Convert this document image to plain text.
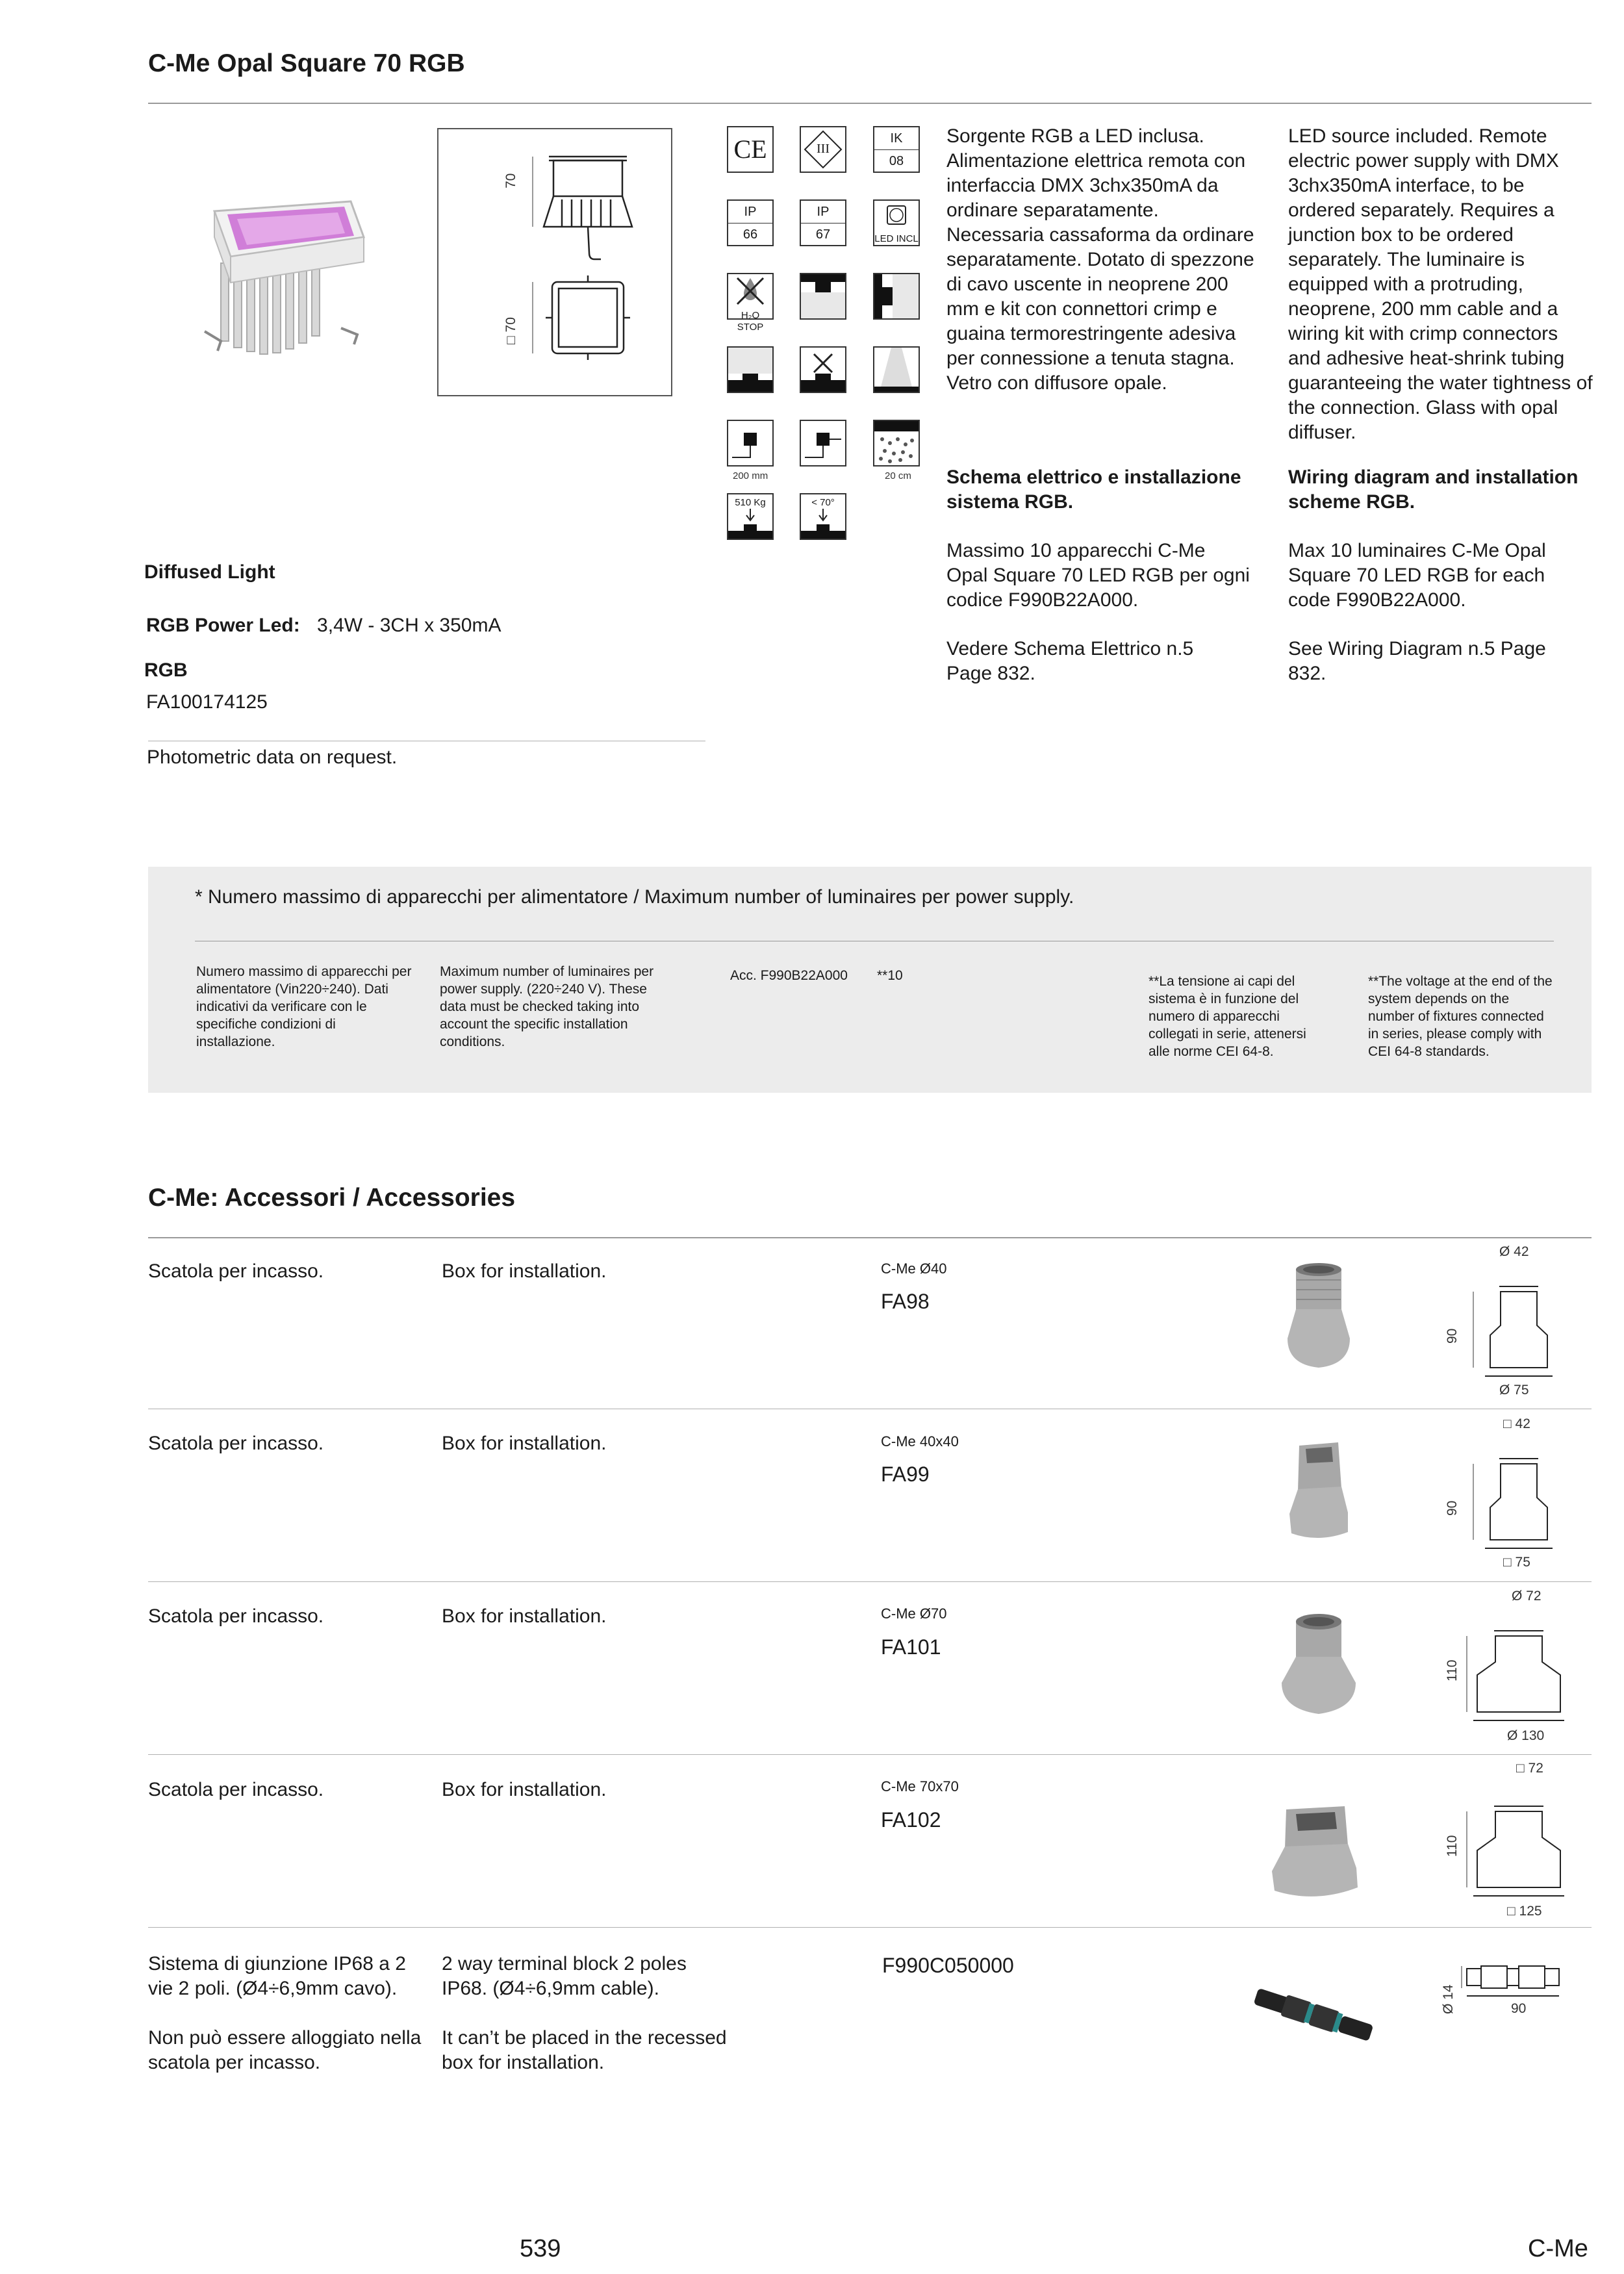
C-Me Opal Square 70 RGB
70
□ 70
CE	III
IK
08
IP
66
IP
67	LED INCL
H₂O STOP
200 mm	20 cm
510 Kg	< 70°
Sorgente RGB a LED inclusa. Alimentazione elettrica remota con interfaccia DMX 3chx350mA da ordinare separatamente. Necessaria cassaforma da ordinare separatamente. Dotato di spezzone di cavo uscente in neoprene 200 mm e kit con connettori crimp e guaina termorestringente adesiva per connessione a tenuta stagna. Vetro con diffusore opale.
LED source included. Remote electric power supply with DMX 3chx350mA interface, to be ordered separately. Requires a junction box to be ordered separately. The luminaire is equipped with a protruding, neoprene, 200 mm cable and a wiring kit with crimp connectors and adhesive heat-shrink tubing guaranteeing the water tightness of the connection. Glass with opal diffuser.
Schema elettrico e installazione sistema RGB.
Wiring diagram and installation scheme RGB.
Massimo 10 apparecchi C-Me Opal Square 70 LED RGB per ogni codice F990B22A000.
Max 10 luminaires C-Me Opal Square 70 LED RGB for each code F990B22A000.
Vedere Schema Elettrico n.5 Page 832.
See Wiring Diagram n.5 Page 832.
Diffused Light
RGB Power Led: 3,4W - 3CH x 350mA
RGB
FA100174125
Photometric data on request.
* Numero massimo di apparecchi per alimentatore / Maximum number of luminaires per power supply.
Numero massimo di apparecchi per alimentatore (Vin220÷240). Dati indicativi da verificare con le specifiche condizioni di installazione.
Maximum number of luminaires per power supply. (220÷240 V). These data must be checked taking into account the specific installation conditions.
Acc. F990B22A000 **10	**La tensione ai capi del sistema è in funzione del numero di apparecchi collegati in serie, attenersi alle norme CEI 64-8.
**The voltage at the end of the system depends on the number of fixtures connected in series, please comply with CEI 64-8 standards.
C-Me: Accessori / Accessories
Scatola per incasso.	Box for installation.	C-Me Ø40
FA98
Ø 42
90
Ø 75
Scatola per incasso.	Box for installation.	C-Me 40x40
FA99
□ 42
90
□ 75
Scatola per incasso.	Box for installation.	C-Me Ø70
FA101
Ø 72
110
Ø 130
Scatola per incasso.	Box for installation.	C-Me 70x70
FA102
□ 72
110
□ 125
Sistema di giunzione IP68 a 2 vie 2 poli. (Ø4÷6,9mm cavo).
Non può essere alloggiato nella scatola per incasso.
2 way terminal block 2 poles IP68. (Ø4÷6,9mm cable).
It can’t be placed in the recessed box for installation.
F990C050000
Ø 14	90
539	C-Me
